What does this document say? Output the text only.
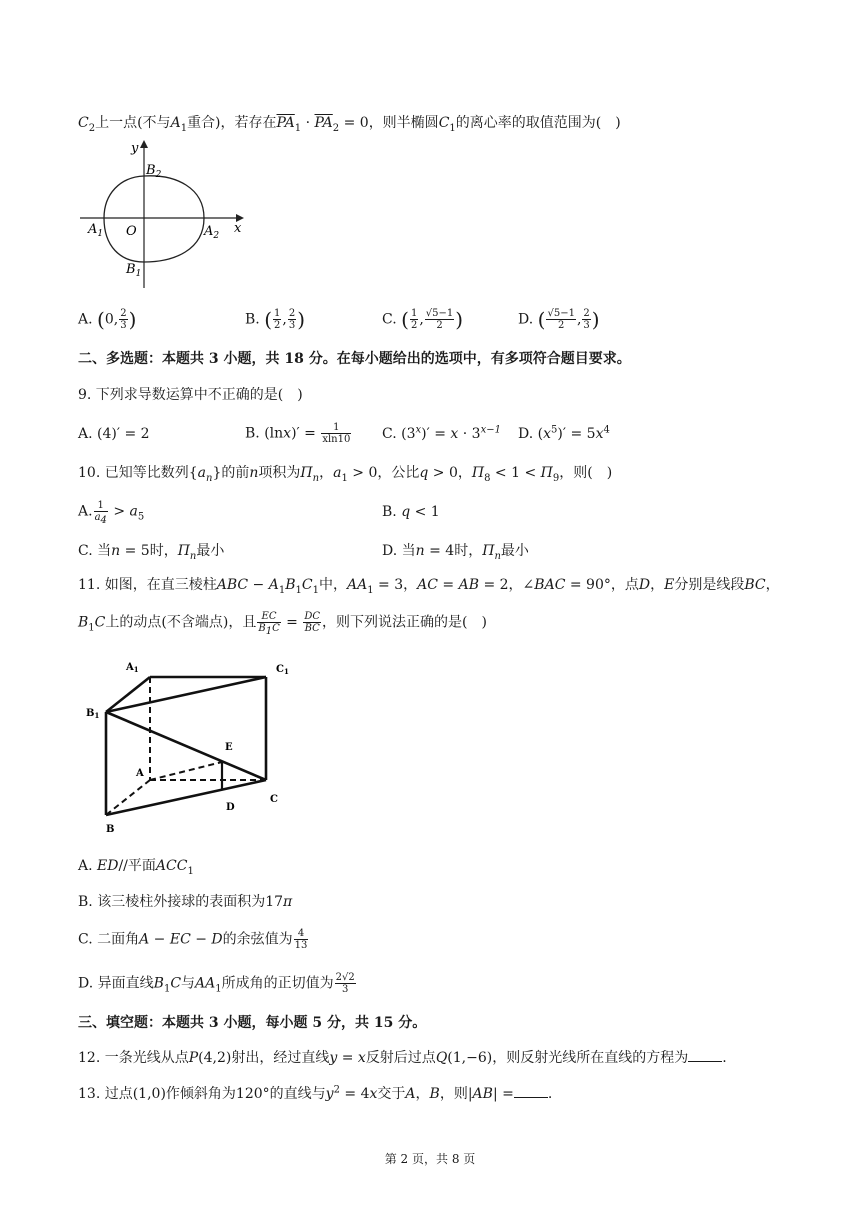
$C_2$上一点(不与$A_1$重合)，若存在$\overline{PA}_1 \cdot \overline{PA}_2 = 0$，则半椭圆$C_1$的离心率的取值范围为(　)
y
x
O
$A_1$	$A_2$
$B_1$
$B_2$
A. (0, $\frac{2}{3}$ )	B. ( $\frac{1}{2}$ , $\frac{2}{3}$ )	C. ( $\frac{1}{2}$ , $\frac{√5-1}{2}$ )	D. ( $\frac{√5-1}{2}$ , $\frac{2}{3}$ )
二、多选题：本题共 3 小题，共 18 分。在每小题给出的选项中，有多项符合题目要求。
9. 下列求导数运算中不正确的是(　)
A. (4)′ = 2	B. $(\ln x)' = \frac{1}{xln10} C$. $(3^x)' = x \cdot 3^{x-1}$ D. $(x^5)' = 5x^4$
10. 已知等比数列$\{a_n\}$的前n项积为$\Pi_n$，$a_1 > 0$，公比q > 0，$\Pi_8 < 1 < \Pi_9$，则(　)
A. $\frac{1}{a_4} > a_5$	B. q < 1
C. 当n = 5时，$\Pi_n$最小	D. 当n = 4时，$\Pi_n$最小
11. 如图，在直三棱柱ABC − $A_1B_1C_1$中，$AA_1 = 3$，AC = AB = 2，∠BAC = 90°，点D，E分别是线段BC，
$B_1C$上的动点(不含端点)，且 $\frac{EC}{B_1C} = \frac{DC}{BC}$ ，则下列说法正确的是(　)
$A_1$	$C_1$
$B_1$
A
B
C
D
E
A. ED//平面$ACC_1$
B. 该三棱柱外接球的表面积为17π
C. 二面角A − EC − D的余弦值为 $\frac{4}{13}$
D. 异面直线$B_1C$与$AA_1$所成角的正切值为 $\frac{2√2}{3}$
三、填空题：本题共 3 小题，每小题 5 分，共 15 分。
12. 一条光线从点P(4,2)射出，经过直线y = x反射后过点Q(1,−6)，则反射光线所在直线的方程为 .
13. 过点(1,0)作倾斜角为120°的直线与$y^2 = 4x$交于A，B，则|AB| = .
第 2 页，共 8 页
